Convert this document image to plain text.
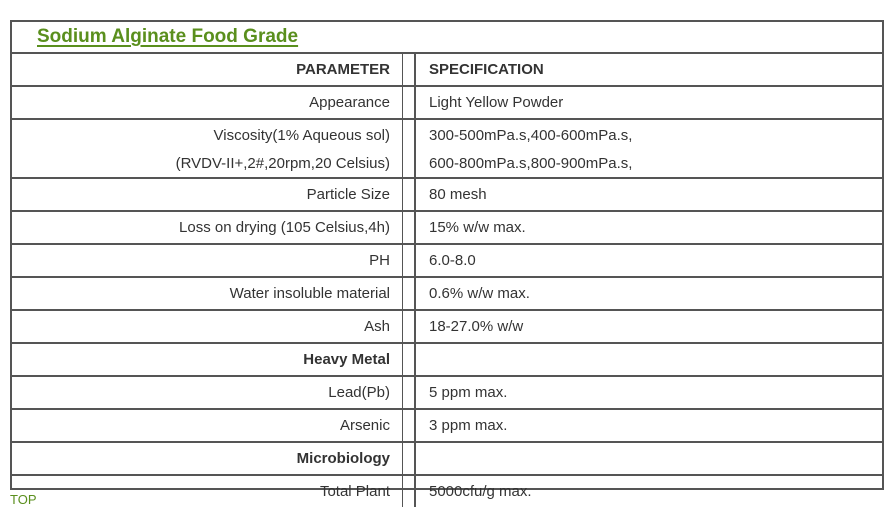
Sodium Alginate Food Grade
PARAMETER		SPECIFICATION
Appearance		Light Yellow Powder

Viscosity(1% Aqueous sol)
(RVDV-II+,2#,20rpm,20 Celsius)		300-500mPa.s,400-600mPa.s,
600-800mPa.s,800-900mPa.s,

Particle Size		80 mesh
Loss on drying (105 Celsius,4h)		15% w/w max.
PH		6.0-8.0
Water insoluble material		0.6% w/w max.
Ash		18-27.0% w/w
Heavy Metal		
Lead(Pb)		5 ppm max.
Arsenic		3 ppm max.
Microbiology		
Total Plant		5000cfu/g max.
TOP
